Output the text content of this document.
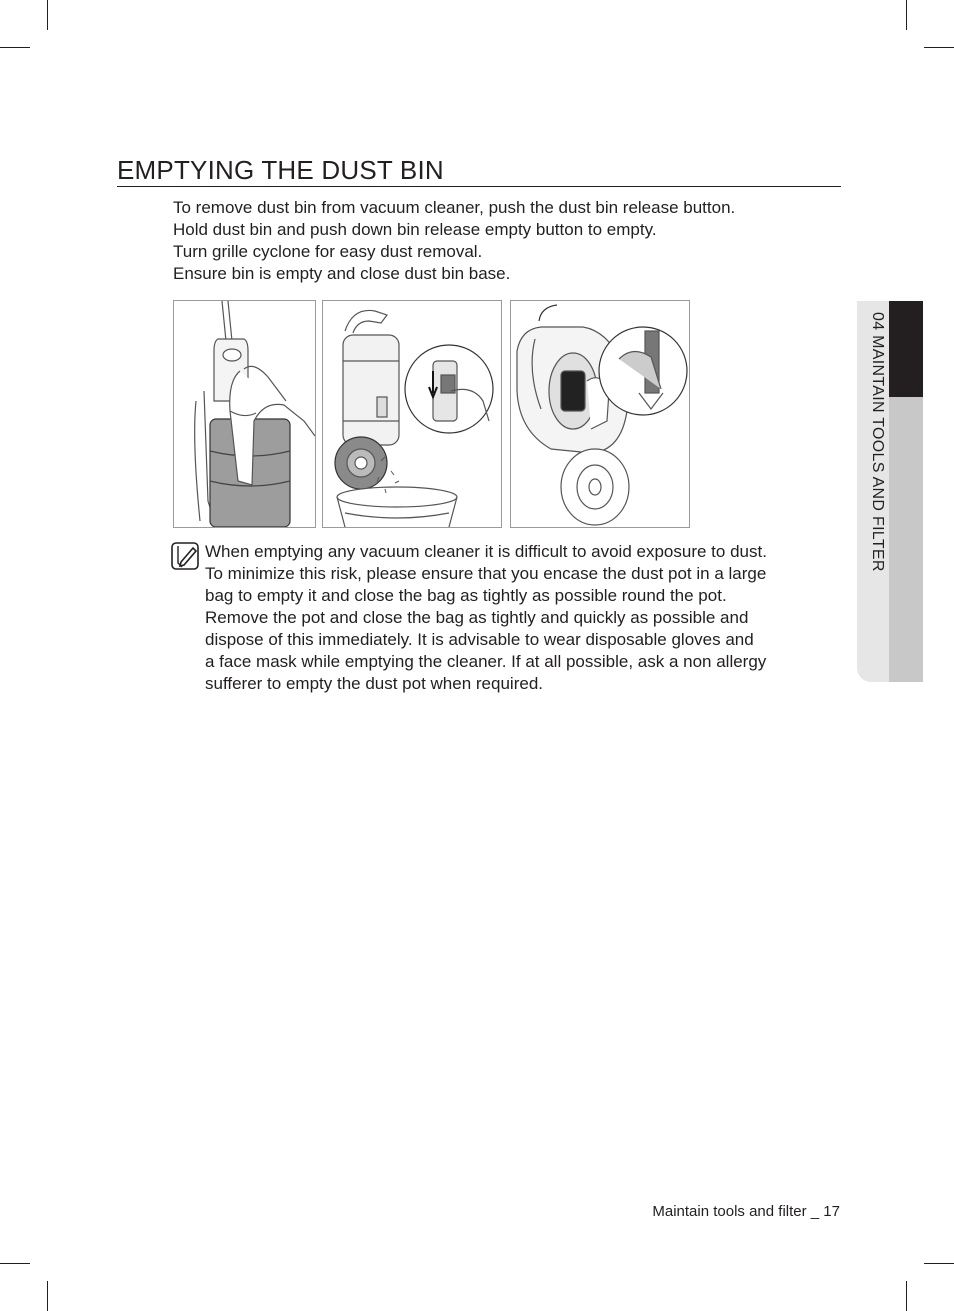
EMPTYING THE DUST BIN
To remove dust bin from vacuum cleaner, push the dust bin release button.
Hold dust bin and push down bin release empty button to empty.
Turn grille cyclone for easy dust removal.
Ensure bin is empty and close dust bin base.
When emptying any vacuum cleaner it is difficult to avoid exposure to dust.
To minimize this risk, please ensure that you encase the dust pot in a large
bag to empty it and close the bag as tightly as possible round the pot.
Remove the pot and close the bag as tightly and quickly as possible and
dispose of this immediately. It is advisable to wear disposable gloves and
a face mask while emptying the cleaner. If at all possible, ask a non allergy
sufferer to empty the dust pot when required.
04 MAINTAIN TOOLS AND FILTER
Maintain tools and filter _ 17
